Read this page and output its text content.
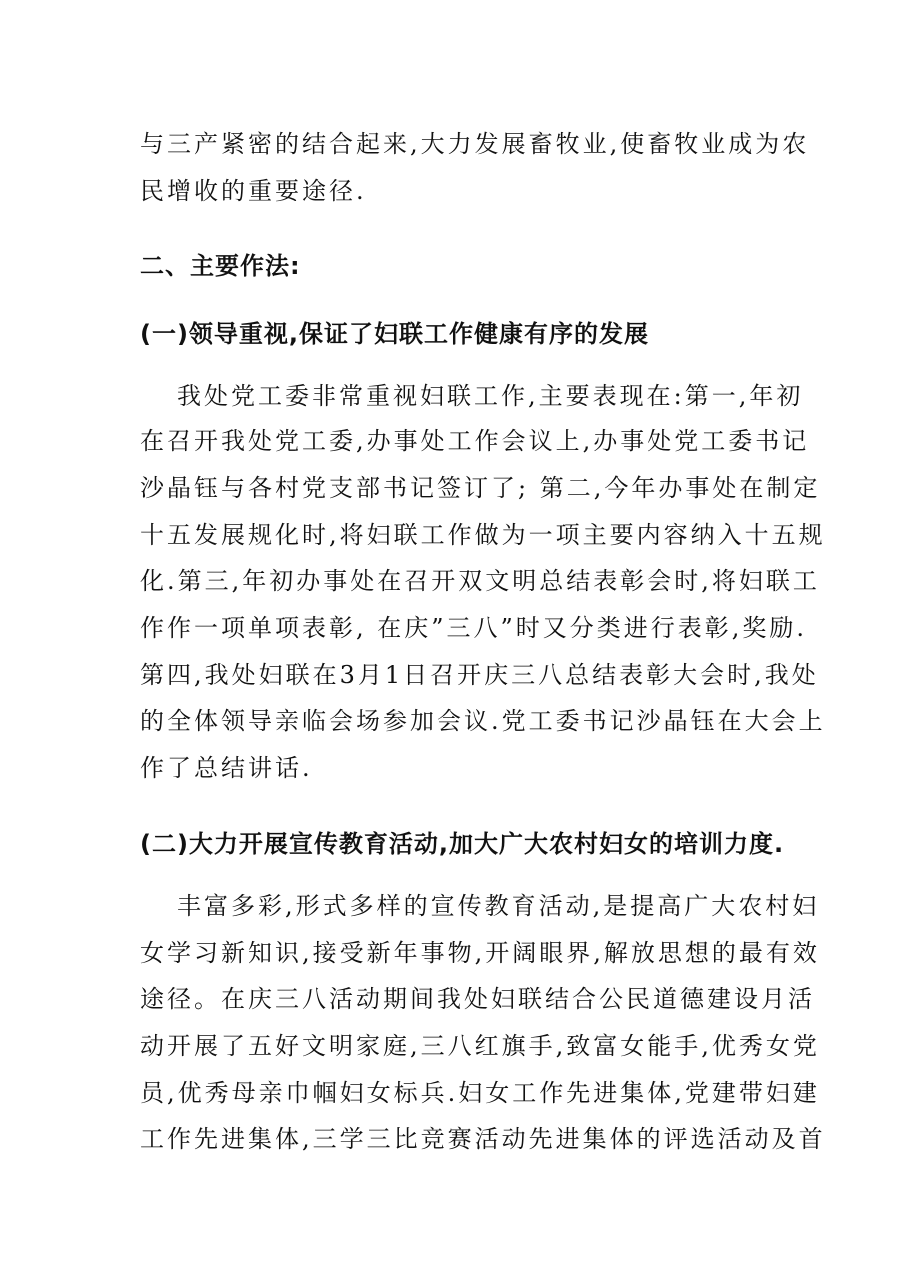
与三产紧密的结合起来,大力发展畜牧业,使畜牧业成为农
民增收的重要途径.
二、主要作法:
(一)领导重视,保证了妇联工作健康有序的发展
我处党工委非常重视妇联工作,主要表现在:第一,年初
在召开我处党工委,办事处工作会议上,办事处党工委书记
沙晶钰与各村党支部书记签订了; 第二,今年办事处在制定
十五发展规化时,将妇联工作做为一项主要内容纳入十五规
化.第三,年初办事处在召开双文明总结表彰会时,将妇联工
作作一项单项表彰, 在庆”三八”时又分类进行表彰,奖励.
第四,我处妇联在3月1日召开庆三八总结表彰大会时,我处
的全体领导亲临会场参加会议.党工委书记沙晶钰在大会上
作了总结讲话.
(二)大力开展宣传教育活动,加大广大农村妇女的培训力度.
丰富多彩,形式多样的宣传教育活动,是提高广大农村妇
女学习新知识,接受新年事物,开阔眼界,解放思想的最有效
途径。在庆三八活动期间我处妇联结合公民道德建设月活
动开展了五好文明家庭,三八红旗手,致富女能手,优秀女党
员,优秀母亲巾帼妇女标兵.妇女工作先进集体,党建带妇建
工作先进集体,三学三比竞赛活动先进集体的评选活动及首
